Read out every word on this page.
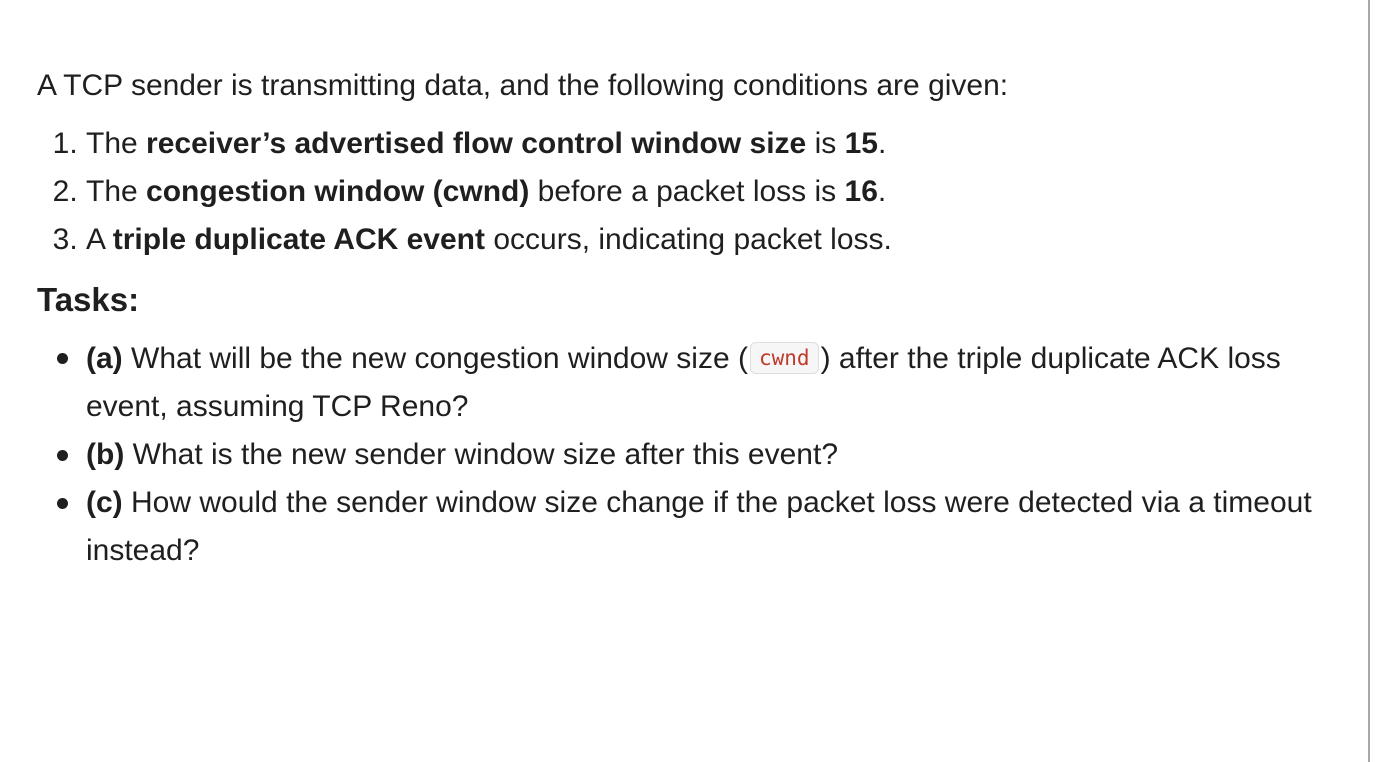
A TCP sender is transmitting data, and the following conditions are given:

1. The receiver’s advertised flow control window size is 15.
2. The congestion window (cwnd) before a packet loss is 16.
3. A triple duplicate ACK event occurs, indicating packet loss.
Tasks:
(a) What will be the new congestion window size ( cwnd ) after the triple duplicate ACK loss event, assuming TCP Reno?
(b) What is the new sender window size after this event?
(c) How would the sender window size change if the packet loss were detected via a timeout instead?
